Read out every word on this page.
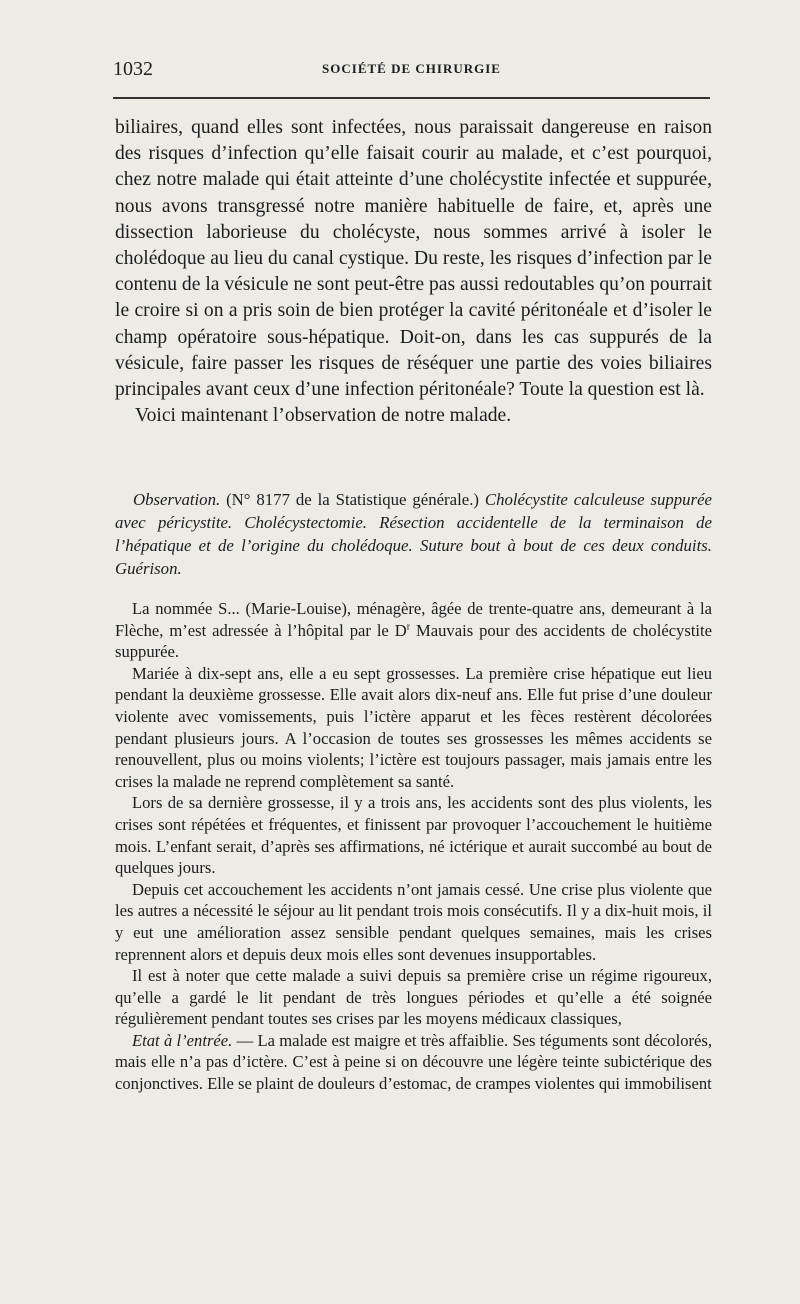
1032	SOCIÉTÉ DE CHIRURGIE

biliaires, quand elles sont infectées, nous paraissait dangereuse en raison des risques d’infection qu’elle faisait courir au malade, et c’est pourquoi, chez notre malade qui était atteinte d’une cholécystite infectée et suppurée, nous avons transgressé notre manière habituelle de faire, et, après une dissection laborieuse du cholécyste, nous sommes arrivé à isoler le cholédoque au lieu du canal cystique. Du reste, les risques d’infection par le contenu de la vésicule ne sont peut-être pas aussi redoutables qu’on pourrait le croire si on a pris soin de bien protéger la cavité péritonéale et d’isoler le champ opératoire sous-hépatique. Doit-on, dans les cas suppurés de la vésicule, faire passer les risques de réséquer une partie des voies biliaires principales avant ceux d’une infection péritonéale? Toute la question est là.

Voici maintenant l’observation de notre malade.

Observation. (N° 8177 de la Statistique générale.) Cholécystite calculeuse suppurée avec péricystite. Cholécystectomie. Résection accidentelle de la terminaison de l’hépatique et de l’origine du cholédoque. Suture bout à bout de ces deux conduits. Guérison.

La nommée S... (Marie-Louise), ménagère, âgée de trente-quatre ans, demeurant à la Flèche, m’est adressée à l’hôpital par le $D^r$ Mauvais pour des accidents de cholécystite suppurée.

Mariée à dix-sept ans, elle a eu sept grossesses. La première crise hépatique eut lieu pendant la deuxième grossesse. Elle avait alors dix-neuf ans. Elle fut prise d’une douleur violente avec vomissements, puis l’ictère apparut et les fèces restèrent décolorées pendant plusieurs jours. A l’occasion de toutes ses grossesses les mêmes accidents se renouvellent, plus ou moins violents; l’ictère est toujours passager, mais jamais entre les crises la malade ne reprend complètement sa santé.

Lors de sa dernière grossesse, il y a trois ans, les accidents sont des plus violents, les crises sont répétées et fréquentes, et finissent par provoquer l’accouchement le huitième mois. L’enfant serait, d’après ses affirmations, né ictérique et aurait succombé au bout de quelques jours.

Depuis cet accouchement les accidents n’ont jamais cessé. Une crise plus violente que les autres a nécessité le séjour au lit pendant trois mois consécutifs. Il y a dix-huit mois, il y eut une amélioration assez sensible pendant quelques semaines, mais les crises reprennent alors et depuis deux mois elles sont devenues insupportables.

Il est à noter que cette malade a suivi depuis sa première crise un régime rigoureux, qu’elle a gardé le lit pendant de très longues périodes et qu’elle a été soignée régulièrement pendant toutes ses crises par les moyens médicaux classiques,

Etat à l’entrée. — La malade est maigre et très affaiblie. Ses téguments sont décolorés, mais elle n’a pas d’ictère. C’est à peine si on découvre une légère teinte subictérique des conjonctives. Elle se plaint de douleurs d’estomac, de crampes violentes qui immobilisent
